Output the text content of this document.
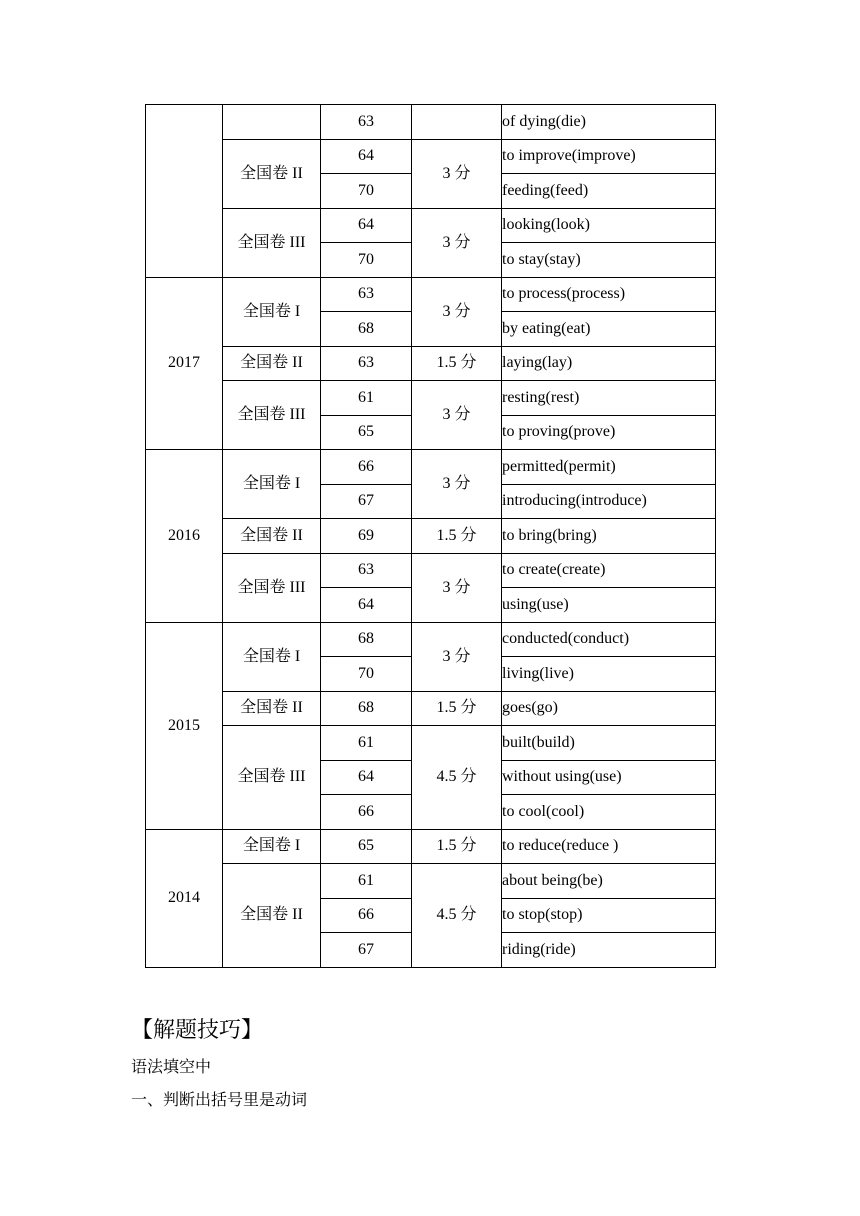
		63		of dying(die)
	全国卷 II	64	3 分	to improve(improve)
		70		feeding(feed)
	全国卷 III	64	3 分	looking(look)
		70		to stay(stay)
2017	全国卷 I	63	3 分	to process(process)
		68		by eating(eat)
	全国卷 II	63	1.5 分	laying(lay)
	全国卷 III	61	3 分	resting(rest)
		65		to proving(prove)
2016	全国卷 I	66	3 分	permitted(permit)
		67		introducing(introduce)
	全国卷 II	69	1.5 分	to bring(bring)
	全国卷 III	63	3 分	to create(create)
		64		using(use)
2015	全国卷 I	68	3 分	conducted(conduct)
		70		living(live)
	全国卷 II	68	1.5 分	goes(go)
	全国卷 III	61	4.5 分	built(build)
		64		without using(use)
		66		to cool(cool)
2014	全国卷 I	65	1.5 分	to reduce(reduce )
	全国卷 II	61	4.5 分	about being(be)
		66		to stop(stop)
		67		riding(ride)
【解题技巧】
语法填空中
一、判断出括号里是动词
